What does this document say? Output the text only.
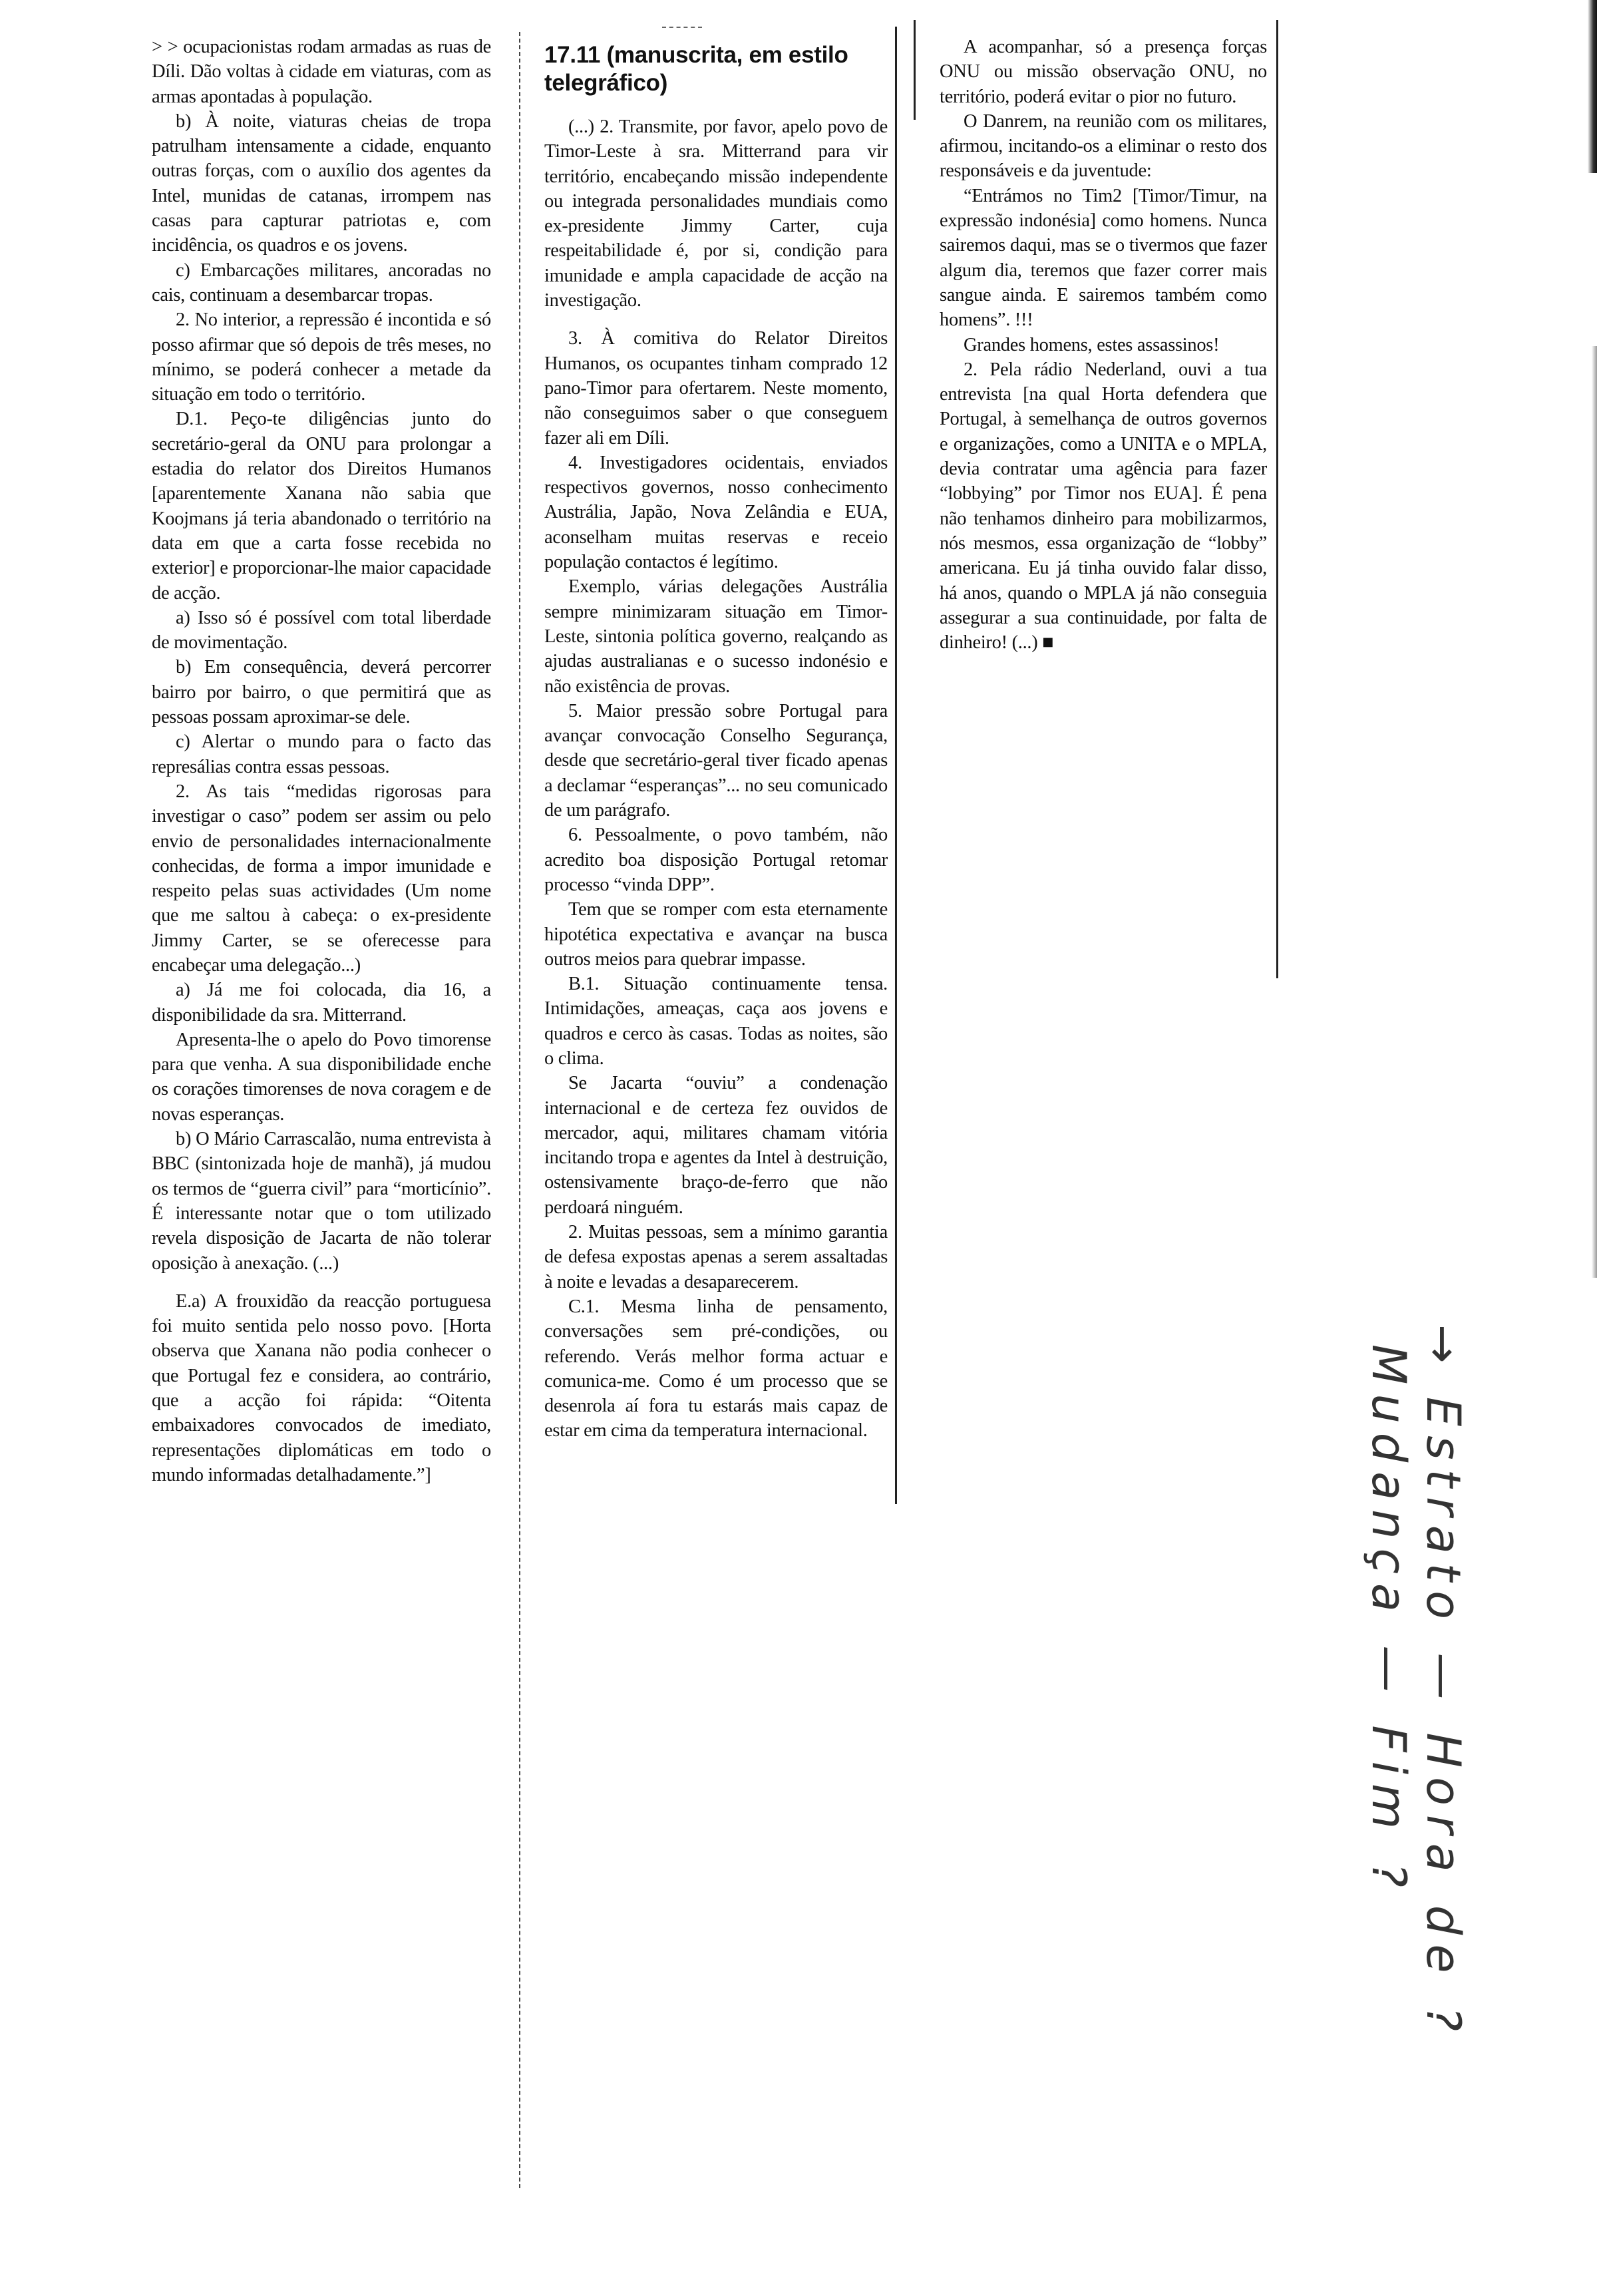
> > ocupacionistas rodam armadas as ruas de Díli. Dão voltas à cidade em viaturas, com as armas apontadas à população.

b) À noite, viaturas cheias de tropa patrulham intensamente a cidade, enquanto outras forças, com o auxílio dos agentes da Intel, munidas de catanas, irrompem nas casas para capturar patriotas e, com incidência, os quadros e os jovens.

c) Embarcações militares, ancoradas no cais, continuam a desembarcar tropas.

2. No interior, a repressão é incontida e só posso afirmar que só depois de três meses, no mínimo, se poderá conhecer a metade da situação em todo o território.

D.1. Peço-te diligências junto do secretário-geral da ONU para prolongar a estadia do relator dos Direitos Humanos [aparentemente Xanana não sabia que Koojmans já teria abandonado o território na data em que a carta fosse recebida no exterior] e proporcionar-lhe maior capacidade de acção.

a) Isso só é possível com total liberdade de movimentação.

b) Em consequência, deverá percorrer bairro por bairro, o que permitirá que as pessoas possam aproximar-se dele.

c) Alertar o mundo para o facto das represálias contra essas pessoas.

2. As tais “medidas rigorosas para investigar o caso” podem ser assim ou pelo envio de personalidades internacionalmente conhecidas, de forma a impor imunidade e respeito pelas suas actividades (Um nome que me saltou à cabeça: o ex-presidente Jimmy Carter, se se oferecesse para encabeçar uma delegação...)

a) Já me foi colocada, dia 16, a disponibilidade da sra. Mitterrand.

Apresenta-lhe o apelo do Povo timorense para que venha. A sua disponibilidade enche os corações timorenses de nova coragem e de novas esperanças.

b) O Mário Carrascalão, numa entrevista à BBC (sintonizada hoje de manhã), já mudou os termos de “guerra civil” para “morticínio”. É interessante notar que o tom utilizado revela disposição de Jacarta de não tolerar oposição à anexação. (...)

E.a) A frouxidão da reacção portuguesa foi muito sentida pelo nosso povo. [Horta observa que Xanana não podia conhecer o que Portugal fez e considera, ao contrário, que a acção foi rápida: “Oitenta embaixadores convocados de imediato, representações diplomáticas em todo o mundo informadas detalhadamente.”]

17.11 (manuscrita, em estilo telegráfico)

(...) 2. Transmite, por favor, apelo povo de Timor-Leste à sra. Mitterrand para vir território, encabeçando missão independente ou integrada personalidades mundiais como ex-presidente Jimmy Carter, cuja respeitabilidade é, por si, condição para imunidade e ampla capacidade de acção na investigação.

3. À comitiva do Relator Direitos Humanos, os ocupantes tinham comprado 12 pano-Timor para ofertarem. Neste momento, não conseguimos saber o que conseguem fazer ali em Díli.

4. Investigadores ocidentais, enviados respectivos governos, nosso conhecimento Austrália, Japão, Nova Zelândia e EUA, aconselham muitas reservas e receio população contactos é legítimo.

Exemplo, várias delegações Austrália sempre minimizaram situação em Timor-Leste, sintonia política governo, realçando as ajudas australianas e o sucesso indonésio e não existência de provas.

5. Maior pressão sobre Portugal para avançar convocação Conselho Segurança, desde que secretário-geral tiver ficado apenas a declamar “esperanças”... no seu comunicado de um parágrafo.

6. Pessoalmente, o povo também, não acredito boa disposição Portugal retomar processo “vinda DPP”.

Tem que se romper com esta eternamente hipotética expectativa e avançar na busca outros meios para quebrar impasse.

B.1. Situação continuamente tensa. Intimidações, ameaças, caça aos jovens e quadros e cerco às casas. Todas as noites, são o clima.

Se Jacarta “ouviu” a condenação internacional e de certeza fez ouvidos de mercador, aqui, militares chamam vitória incitando tropa e agentes da Intel à destruição, ostensivamente braço-de-ferro que não perdoará ninguém.

2. Muitas pessoas, sem a mínimo garantia de defesa expostas apenas a serem assaltadas à noite e levadas a desaparecerem.

C.1. Mesma linha de pensamento, conversações sem pré-condições, ou referendo. Verás melhor forma actuar e comunica-me. Como é um processo que se desenrola aí fora tu estarás mais capaz de estar em cima da temperatura internacional.

A acompanhar, só a presença forças ONU ou missão observação ONU, no território, poderá evitar o pior no futuro.

O Danrem, na reunião com os militares, afirmou, incitando-os a eliminar o resto dos responsáveis e da juventude:

“Entrámos no Tim2 [Timor/Timur, na expressão indonésia] como homens. Nunca sairemos daqui, mas se o tivermos que fazer algum dia, teremos que fazer correr mais sangue ainda. E sairemos também como homens”. !!!

Grandes homens, estes assassinos!

2. Pela rádio Nederland, ouvi a tua entrevista [na qual Horta defendera que Portugal, à semelhança de outros governos e organizações, como a UNITA e o MPLA, devia contratar uma agência para fazer “lobbying” por Timor nos EUA]. É pena não tenhamos dinheiro para mobilizarmos, nós mesmos, essa organização de “lobby” americana. Eu já tinha ouvido falar disso, há anos, quando o MPLA já não conseguia assegurar a sua continuidade, por falta de dinheiro! (...) ■

→ Estrato — Hora de ?
Mudança — Fim ?
